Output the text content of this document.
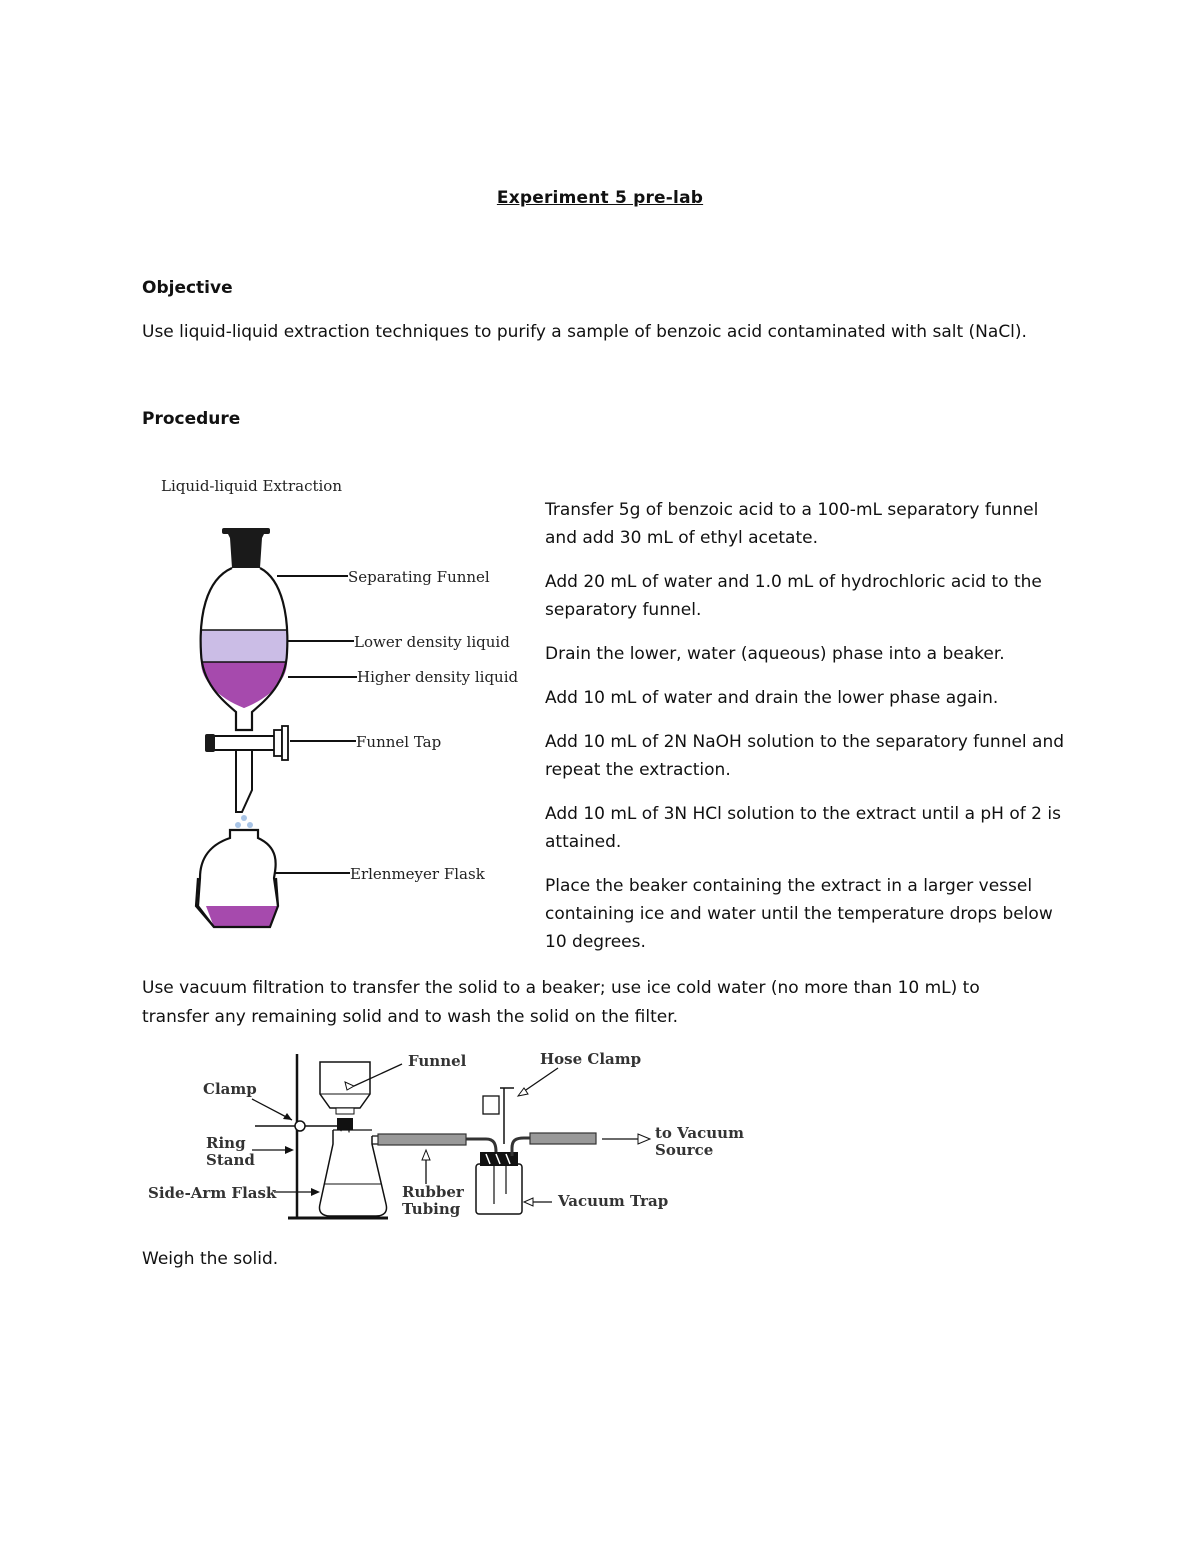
Experiment 5 pre-lab
Objective
Use liquid-liquid extraction techniques to purify a sample of benzoic acid contaminated with salt (NaCl).
Procedure
Liquid-liquid Extraction
Separating Funnel
Lower density liquid
Higher density liquid
Funnel Tap
Erlenmeyer Flask
Transfer 5g of benzoic acid to a 100-mL separatory funnel and add 30 mL of ethyl acetate.
Add 20 mL of water and 1.0 mL of hydrochloric acid to the separatory funnel.
Drain the lower, water (aqueous) phase into a beaker.
Add 10 mL of water and drain the lower phase again.
Add 10 mL of 2N NaOH solution to the separatory funnel and repeat the extraction.
Add 10 mL of 3N HCl solution to the extract until a pH of 2 is attained.
Place the beaker containing the extract in a larger vessel containing ice and water until the temperature drops below 10 degrees.
Use vacuum filtration to transfer the solid to a beaker; use ice cold water (no more than 10 mL) to transfer any remaining solid and to wash the solid on the filter.
Funnel	Hose Clamp
Clamp
Ring
Stand
Side-Arm Flask	Rubber
Tubing	Vacuum Trap
to Vacuum
Source
Weigh the solid.
